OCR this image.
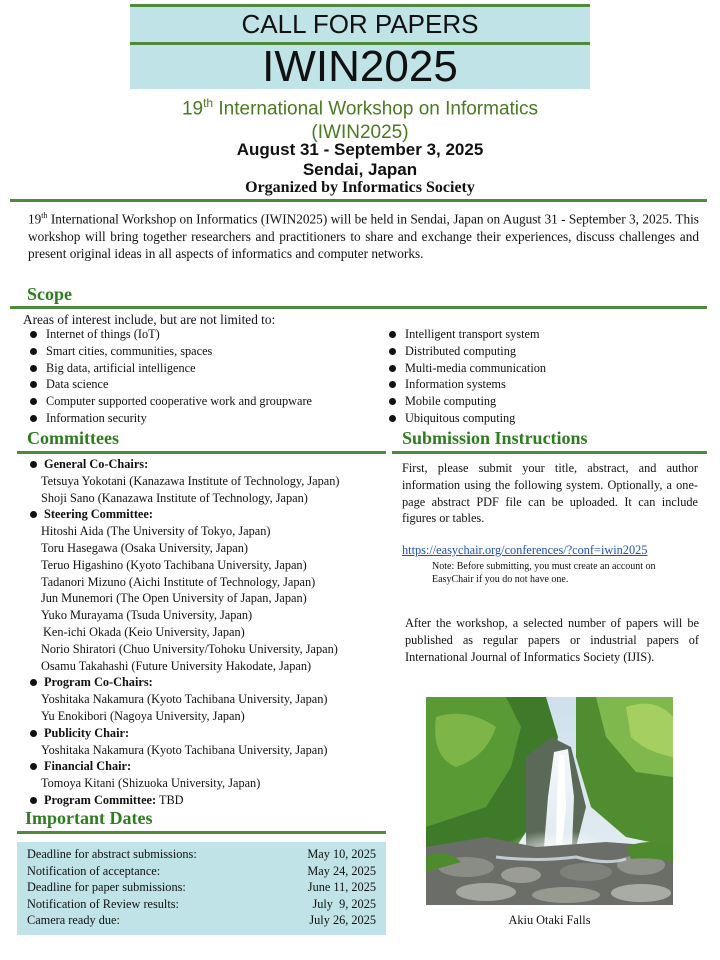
CALL FOR PAPERS
IWIN2025
19th International Workshop on Informatics
(IWIN2025)
August 31 - September 3, 2025
Sendai, Japan
Organized by Informatics Society
19th International Workshop on Informatics (IWIN2025) will be held in Sendai, Japan on August 31 - September 3, 2025. This workshop will bring together researchers and practitioners to share and exchange their experiences, discuss challenges and present original ideas in all aspects of informatics and computer networks.
Scope
Areas of interest include, but are not limited to:
Internet of things (IoT)
Smart cities, communities, spaces
Big data, artificial intelligence
Data science
Computer supported cooperative work and groupware
Information security
Intelligent transport system
Distributed computing
Multi-media communication
Information systems
Mobile computing
Ubiquitous computing
Committees
General Co-Chairs:
Tetsuya Yokotani (Kanazawa Institute of Technology, Japan)
Shoji Sano (Kanazawa Institute of Technology, Japan)
Steering Committee:
Hitoshi Aida (The University of Tokyo, Japan)
Toru Hasegawa (Osaka University, Japan)
Teruo Higashino (Kyoto Tachibana University, Japan)
Tadanori Mizuno (Aichi Institute of Technology, Japan)
Jun Munemori (The Open University of Japan, Japan)
Yuko Murayama (Tsuda University, Japan)
Ken-ichi Okada (Keio University, Japan)
Norio Shiratori (Chuo University/Tohoku University, Japan)
Osamu Takahashi (Future University Hakodate, Japan)
Program Co-Chairs:
Yoshitaka Nakamura (Kyoto Tachibana University, Japan)
Yu Enokibori (Nagoya University, Japan)
Publicity Chair:
Yoshitaka Nakamura (Kyoto Tachibana University, Japan)
Financial Chair:
Tomoya Kitani (Shizuoka University, Japan)
Program Committee: TBD
Important Dates
Deadline for abstract submissions:	May 10, 2025
Notification of acceptance:	May 24, 2025
Deadline for paper submissions:	June 11, 2025
Notification of Review results:	July  9, 2025
Camera ready due:	July 26, 2025
Submission Instructions
First, please submit your title, abstract, and author information using the following system. Optionally, a one-page abstract PDF file can be uploaded. It can include figures or tables.
https://easychair.org/conferences/?conf=iwin2025
Note: Before submitting, you must create an account on EasyChair if you do not have one.
After the workshop, a selected number of papers will be published as regular papers or industrial papers of International Journal of Informatics Society (IJIS).
Akiu Otaki Falls
